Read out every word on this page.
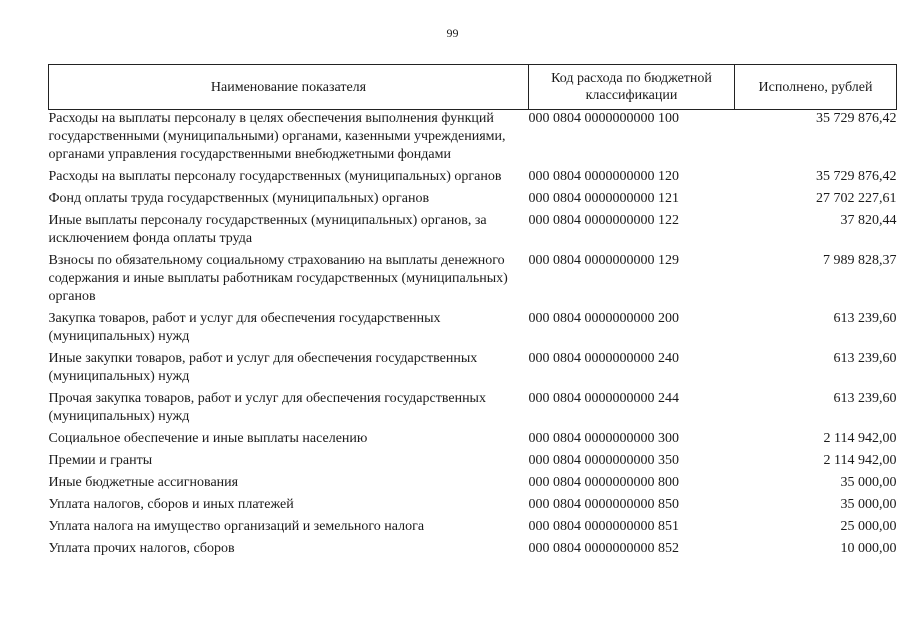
99
Наименование показателя	Код расхода по бюджетной классификации	Исполнено, рублей
Расходы на выплаты персоналу в целях обеспечения выполнения функций государственными (муниципальными) органами, казенными учреждениями, органами управления государственными внебюджетными фондами	000 0804 0000000000 100	35 729 876,42
Расходы на выплаты персоналу государственных (муниципальных) органов	000 0804 0000000000 120	35 729 876,42
Фонд оплаты труда государственных (муниципальных) органов	000 0804 0000000000 121	27 702 227,61
Иные выплаты персоналу государственных (муниципальных) органов, за исключением фонда оплаты труда	000 0804 0000000000 122	37 820,44
Взносы по обязательному социальному страхованию на выплаты денежного содержания и иные выплаты работникам государственных (муниципальных) органов	000 0804 0000000000 129	7 989 828,37
Закупка товаров, работ и услуг для обеспечения государственных (муниципальных) нужд	000 0804 0000000000 200	613 239,60
Иные закупки товаров, работ и услуг для обеспечения государственных (муниципальных) нужд	000 0804 0000000000 240	613 239,60
Прочая закупка товаров, работ и услуг для обеспечения государственных (муниципальных) нужд	000 0804 0000000000 244	613 239,60
Социальное обеспечение и иные выплаты населению	000 0804 0000000000 300	2 114 942,00
Премии и гранты	000 0804 0000000000 350	2 114 942,00
Иные бюджетные ассигнования	000 0804 0000000000 800	35 000,00
Уплата налогов, сборов и иных платежей	000 0804 0000000000 850	35 000,00
Уплата налога на имущество организаций и земельного налога	000 0804 0000000000 851	25 000,00
Уплата прочих налогов, сборов	000 0804 0000000000 852	10 000,00
